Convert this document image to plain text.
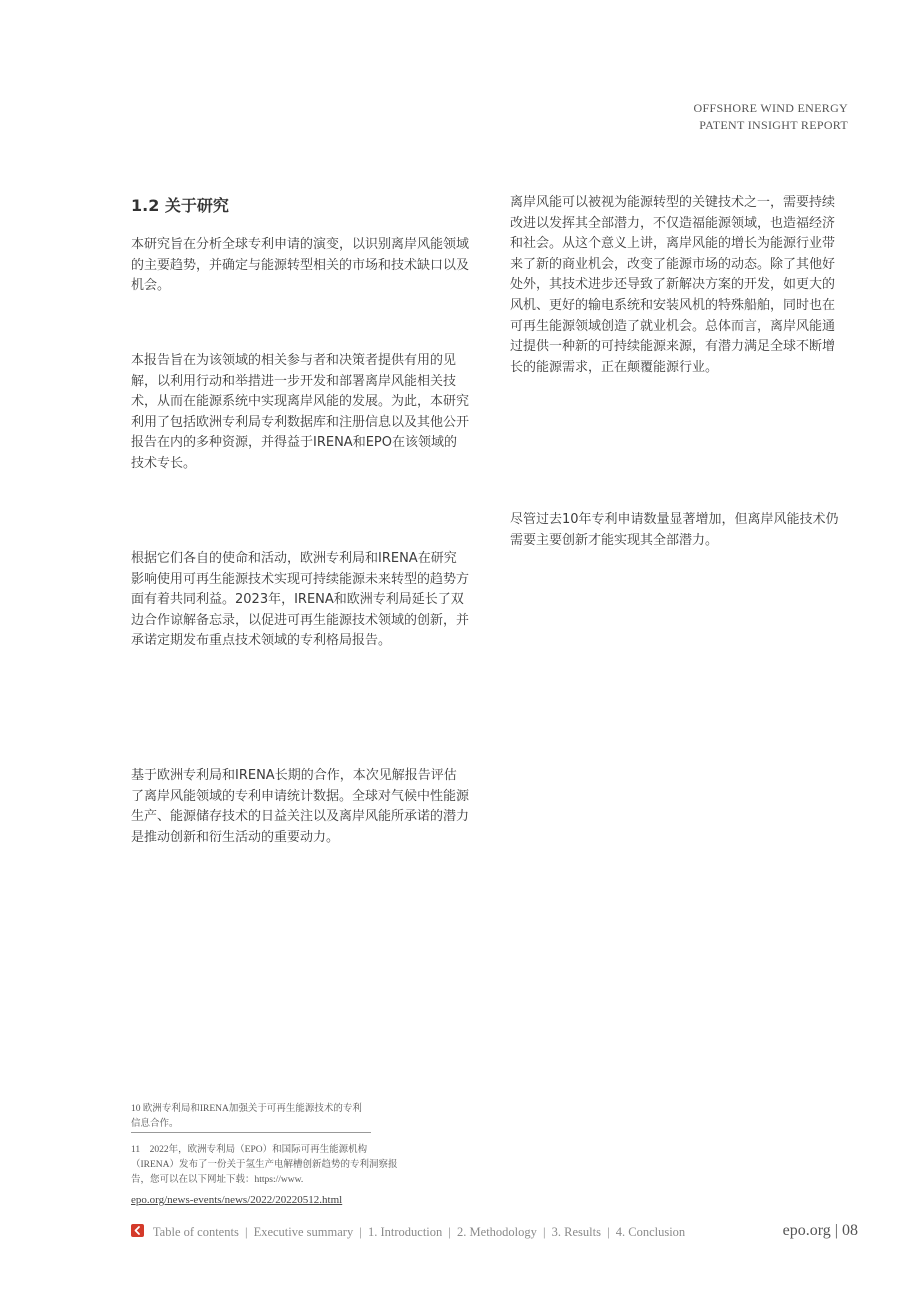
OFFSHORE WIND ENERGY
PATENT INSIGHT REPORT
1.2 关于研究

本研究旨在分析全球专利申请的演变，以识别离岸风能领域的主要趋势，并确定与能源转型相关的市场和技术缺口以及机会。

本报告旨在为该领域的相关参与者和决策者提供有用的见解，以利用行动和举措进一步开发和部署离岸风能相关技术，从而在能源系统中实现离岸风能的发展。为此，本研究利用了包括欧洲专利局专利数据库和注册信息以及其他公开报告在内的多种资源，并得益于IRENA和EPO在该领域的技术专长。

根据它们各自的使命和活动，欧洲专利局和IRENA在研究影响使用可再生能源技术实现可持续能源未来转型的趋势方面有着共同利益。2023年，IRENA和欧洲专利局延长了双边合作谅解备忘录，以促进可再生能源技术领域的创新，并承诺定期发布重点技术领域的专利格局报告。

基于欧洲专利局和IRENA长期的合作，本次见解报告评估了离岸风能领域的专利申请统计数据。全球对气候中性能源生产、能源储存技术的日益关注以及离岸风能所承诺的潜力是推动创新和衍生活动的重要动力。

离岸风能可以被视为能源转型的关键技术之一，需要持续改进以发挥其全部潜力，不仅造福能源领域，也造福经济和社会。从这个意义上讲，离岸风能的增长为能源行业带来了新的商业机会，改变了能源市场的动态。除了其他好处外，其技术进步还导致了新解决方案的开发，如更大的风机、更好的输电系统和安装风机的特殊船舶，同时也在可再生能源领域创造了就业机会。总体而言，离岸风能通过提供一种新的可持续能源来源，有潜力满足全球不断增长的能源需求，正在颠覆能源行业。

尽管过去10年专利申请数量显著增加，但离岸风能技术仍需要主要创新才能实现其全部潜力。

10 欧洲专利局和IRENA加强关于可再生能源技术的专利信息合作。
11　2022年，欧洲专利局（EPO）和国际可再生能源机构（IRENA）发布了一份关于氢生产电解槽创新趋势的专利洞察报告，您可以在以下网址下载：https://www.
epo.org/news-events/news/2022/20220512.html
Table of contents | Executive summary | 1. Introduction | 2. Methodology | 3. Results | 4. Conclusion	epo.org | 08
